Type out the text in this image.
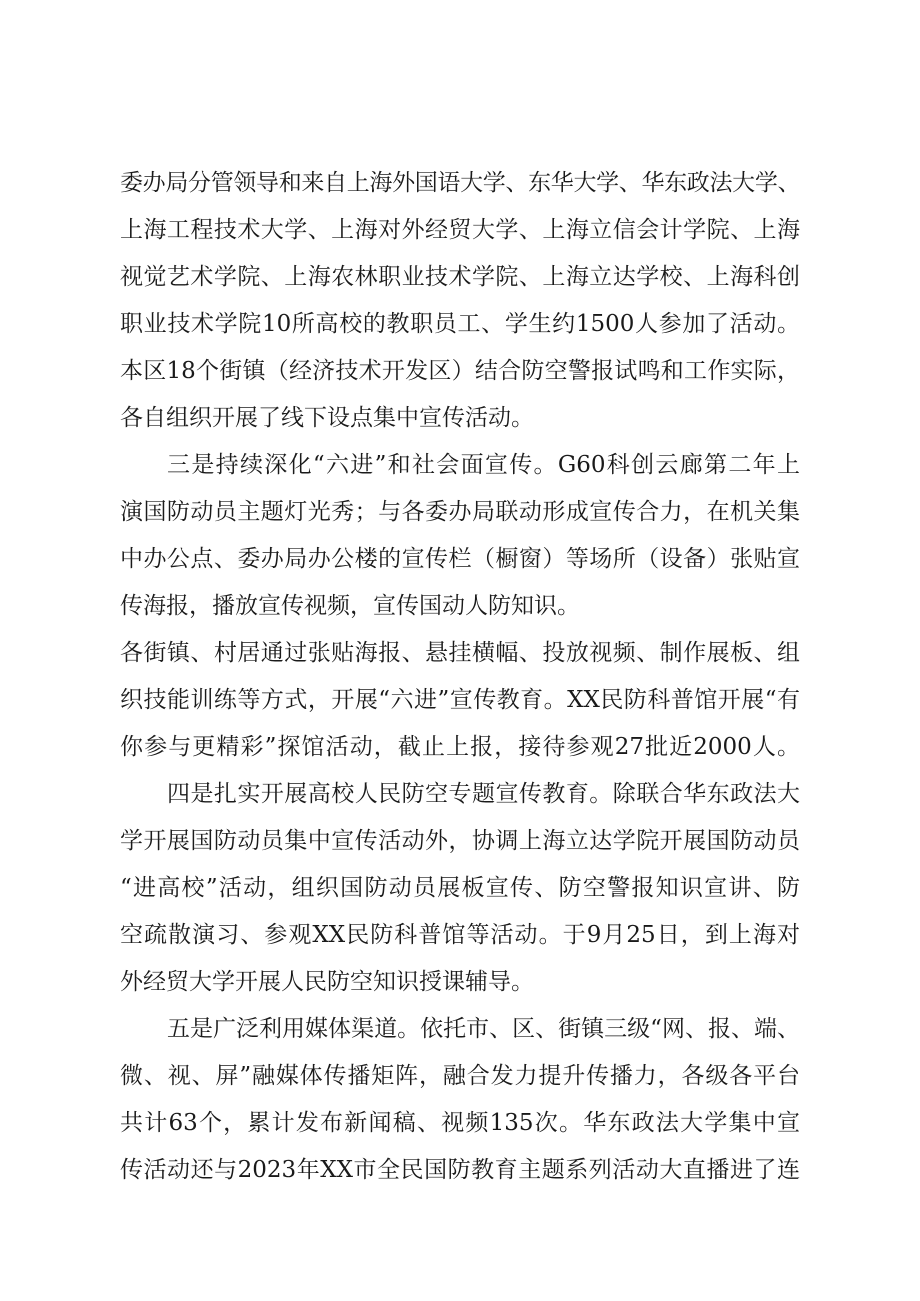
委办局分管领导和来自上海外国语大学、东华大学、华东政法大学、
上海工程技术大学、上海对外经贸大学、上海立信会计学院、上海
视觉艺术学院、上海农林职业技术学院、上海立达学校、上海科创
职业技术学院10所高校的教职员工、学生约1500人参加了活动。
本区18个街镇（经济技术开发区）结合防空警报试鸣和工作实际，
各自组织开展了线下设点集中宣传活动。
三是持续深化“六进”和社会面宣传。G60科创云廊第二年上
演国防动员主题灯光秀；与各委办局联动形成宣传合力，在机关集
中办公点、委办局办公楼的宣传栏（橱窗）等场所（设备）张贴宣
传海报，播放宣传视频，宣传国动人防知识。
各街镇、村居通过张贴海报、悬挂横幅、投放视频、制作展板、组
织技能训练等方式，开展“六进”宣传教育。XX民防科普馆开展“有
你参与更精彩”探馆活动，截止上报，接待参观27批近2000人。
四是扎实开展高校人民防空专题宣传教育。除联合华东政法大
学开展国防动员集中宣传活动外，协调上海立达学院开展国防动员
“进高校”活动，组织国防动员展板宣传、防空警报知识宣讲、防
空疏散演习、参观XX民防科普馆等活动。于9月25日，到上海对
外经贸大学开展人民防空知识授课辅导。
五是广泛利用媒体渠道。依托市、区、街镇三级“网、报、端、
微、视、屏”融媒体传播矩阵，融合发力提升传播力，各级各平台
共计63个，累计发布新闻稿、视频135次。华东政法大学集中宣
传活动还与2023年XX市全民国防教育主题系列活动大直播进了连
